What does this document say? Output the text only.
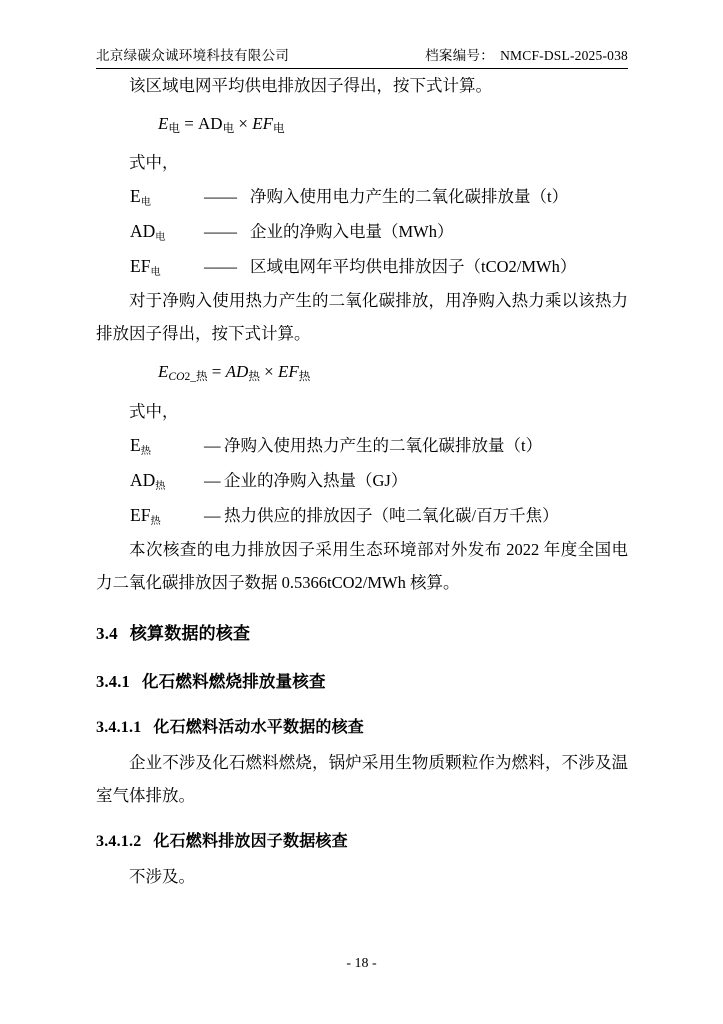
北京绿碳众诚环境科技有限公司	档案编号： NMCF-DSL-2025-038

该区域电网平均供电排放因子得出，按下式计算。

$E_电 = AD_电 \times EF_电$

式中，

$E_电$	—— 净购入使用电力产生的二氧化碳排放量（t）
$AD_电$	—— 企业的净购入电量（MWh）
$EF_电$	—— 区域电网年平均供电排放因子（tCO2/MWh）

对于净购入使用热力产生的二氧化碳排放，用净购入热力乘以该热力排放因子得出，按下式计算。

$E_{CO2\_热} = AD_热 \times EF_热$

式中，

$E_热$	— 净购入使用热力产生的二氧化碳排放量（t）
$AD_热$	— 企业的净购入热量（GJ）
$EF_热$	— 热力供应的排放因子（吨二氧化碳/百万千焦）

本次核查的电力排放因子采用生态环境部对外发布 2022 年度全国电力二氧化碳排放因子数据 0.5366tCO2/MWh 核算。

3.4 核算数据的核查
3.4.1 化石燃料燃烧排放量核查
3.4.1.1 化石燃料活动水平数据的核查

企业不涉及化石燃料燃烧，锅炉采用生物质颗粒作为燃料，不涉及温室气体排放。

3.4.1.2 化石燃料排放因子数据核查

不涉及。

- 18 -
